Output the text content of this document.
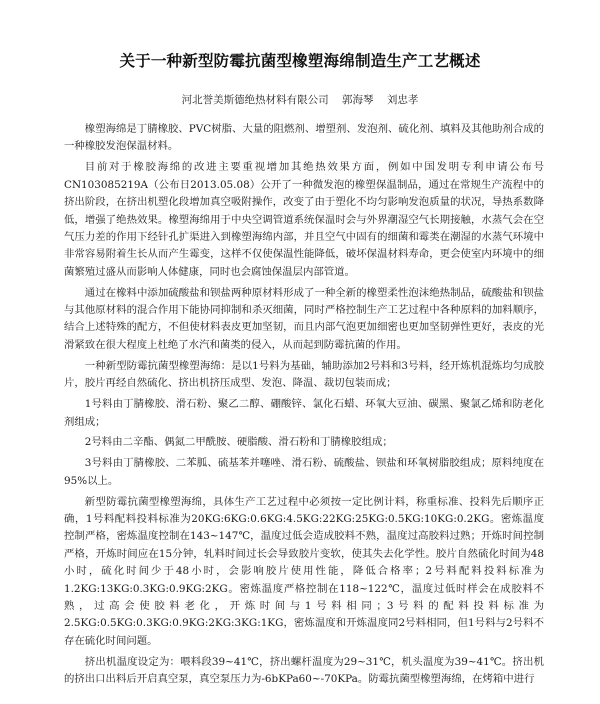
关于一种新型防霉抗菌型橡塑海绵制造生产工艺概述
河北誉美斯德绝热材料有限公司 郭海琴 刘忠孝

橡塑海绵是丁腈橡胶、PVC树脂、大量的阻燃剂、增塑剂、发泡剂、硫化剂、填料及其他助剂合成的一种橡胶发泡保温材料。

目前对于橡胶海绵的改进主要重视增加其绝热效果方面，例如中国发明专利申请公布号CN103085219A（公布日2013.05.08）公开了一种微发泡的橡塑保温制品，通过在常规生产流程中的挤出阶段，在挤出机塑化段增加真空吸附操作，改变了由于塑化不均匀影响发泡质量的状况，导热系数降低，增强了绝热效果。橡塑海绵用于中央空调管道系统保温时会与外界潮湿空气长期接触，水蒸气会在空气压力差的作用下经针孔扩渠进入到橡塑海绵内部，并且空气中固有的细菌和霉类在潮湿的水蒸气环境中非常容易附着生长从而产生霉变，这样不仅使保温性能降低，破坏保温材料寿命，更会使室内环境中的细菌繁殖过盛从而影响人体健康，同时也会腐蚀保温层内部管道。

通过在橡料中添加硫酸盐和钡盐两种原材料形成了一种全新的橡塑柔性泡沫绝热制品，硫酸盐和钡盐与其他原材料的混合作用下能协同抑制和杀灭细菌，同时严格控制生产工艺过程中各种原料的加料顺序，结合上述特殊的配方，不但使材料表皮更加坚韧，而且内部气泡更加细密也更加坚韧弹性更好，表皮的光滑紧致在很大程度上杜绝了水汽和菌类的侵入，从而起到防霉抗菌的作用。

一种新型防霉抗菌型橡塑海绵：是以1号料为基础，辅助添加2号料和3号料，经开炼机混炼均匀成胶片，胶片再经自然硫化、挤出机挤压成型、发泡、降温、裁切包装而成；

1号料由丁腈橡胶、滑石粉、聚乙二醇、硼酸锌、氯化石蜡、环氧大豆油、碳黑、聚氯乙烯和防老化剂组成；

2号料由二辛酯、偶氮二甲酰胺、硬脂酸、滑石粉和丁腈橡胶组成；

3号料由丁腈橡胶、二苯胍、硫基苯并噻唑、滑石粉、硫酸盐、钡盐和环氧树脂胶组成；原料纯度在95%以上。

新型防霉抗菌型橡塑海绵，具体生产工艺过程中必须按一定比例计料，称重标准、投料先后顺序正确，1号料配料投料标准为20KG:6KG:0.6KG:4.5KG:22KG:25KG:0.5KG:10KG:0.2KG。密炼温度控制严格，密炼温度控制在143~147℃，温度过低会造成胶料不熟，温度过高胶料过熟；开炼时间控制严格，开炼时间应在15分钟，轧料时间过长会导致胶片变软，使其失去化学性。胶片自然硫化时间为48小时，硫化时间少于48小时，会影响胶片使用性能，降低合格率；2号料配料投料标准为1.2KG:13KG:0.3KG:0.9KG:2KG。密炼温度严格控制在118~122℃，温度过低时样会在成胶料不熟，过高会使胶料老化，开炼时间与1号料相同；3号料的配料投料标准为2.5KG:0.5KG:0.3KG:0.9KG:2KG:3KG:1KG，密炼温度和开炼温度同2号料相同，但1号料与2号料不存在硫化时间问题。

挤出机温度设定为：喂料段39~41℃，挤出螺杆温度为29~31℃，机头温度为39~41℃。挤出机的挤出口出料后开启真空泵，真空泵压力为-6bKPa60~-70KPa。防霉抗菌型橡塑海绵，在烤箱中进行
